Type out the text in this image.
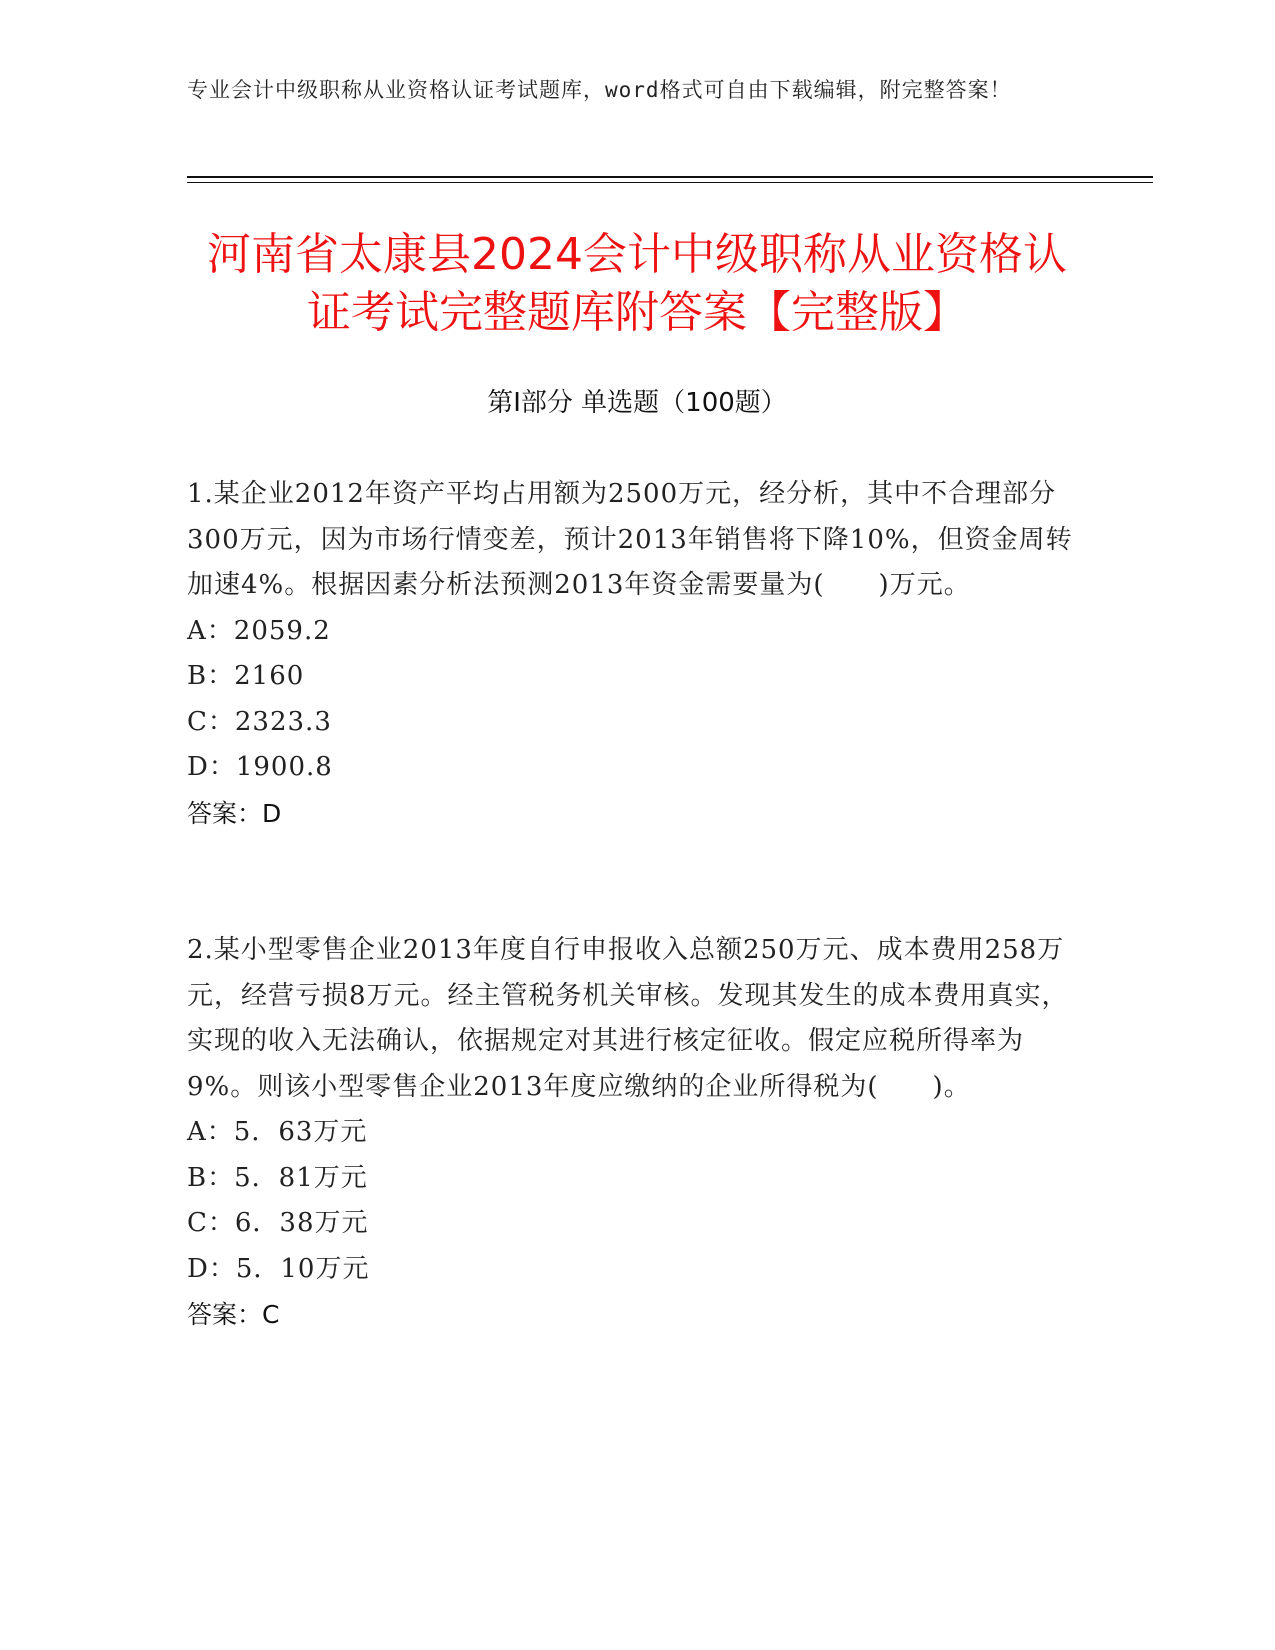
专业会计中级职称从业资格认证考试题库，word格式可自由下载编辑，附完整答案！
河南省太康县2024会计中级职称从业资格认证考试完整题库附答案【完整版】
第Ⅰ部分 单选题（100题）

1.某企业2012年资产平均占用额为2500万元，经分析，其中不合理部分300万元，因为市场行情变差，预计2013年销售将下降10%，但资金周转加速4%。根据因素分析法预测2013年资金需要量为(　　)万元。

A：2059.2

B：2160

C：2323.3

D：1900.8

答案：D

2.某小型零售企业2013年度自行申报收入总额250万元、成本费用258万元，经营亏损8万元。经主管税务机关审核。发现其发生的成本费用真实，实现的收入无法确认，依据规定对其进行核定征收。假定应税所得率为9%。则该小型零售企业2013年度应缴纳的企业所得税为(　　)。

A：5．63万元

B：5．81万元

C：6．38万元

D：5．10万元

答案：C
